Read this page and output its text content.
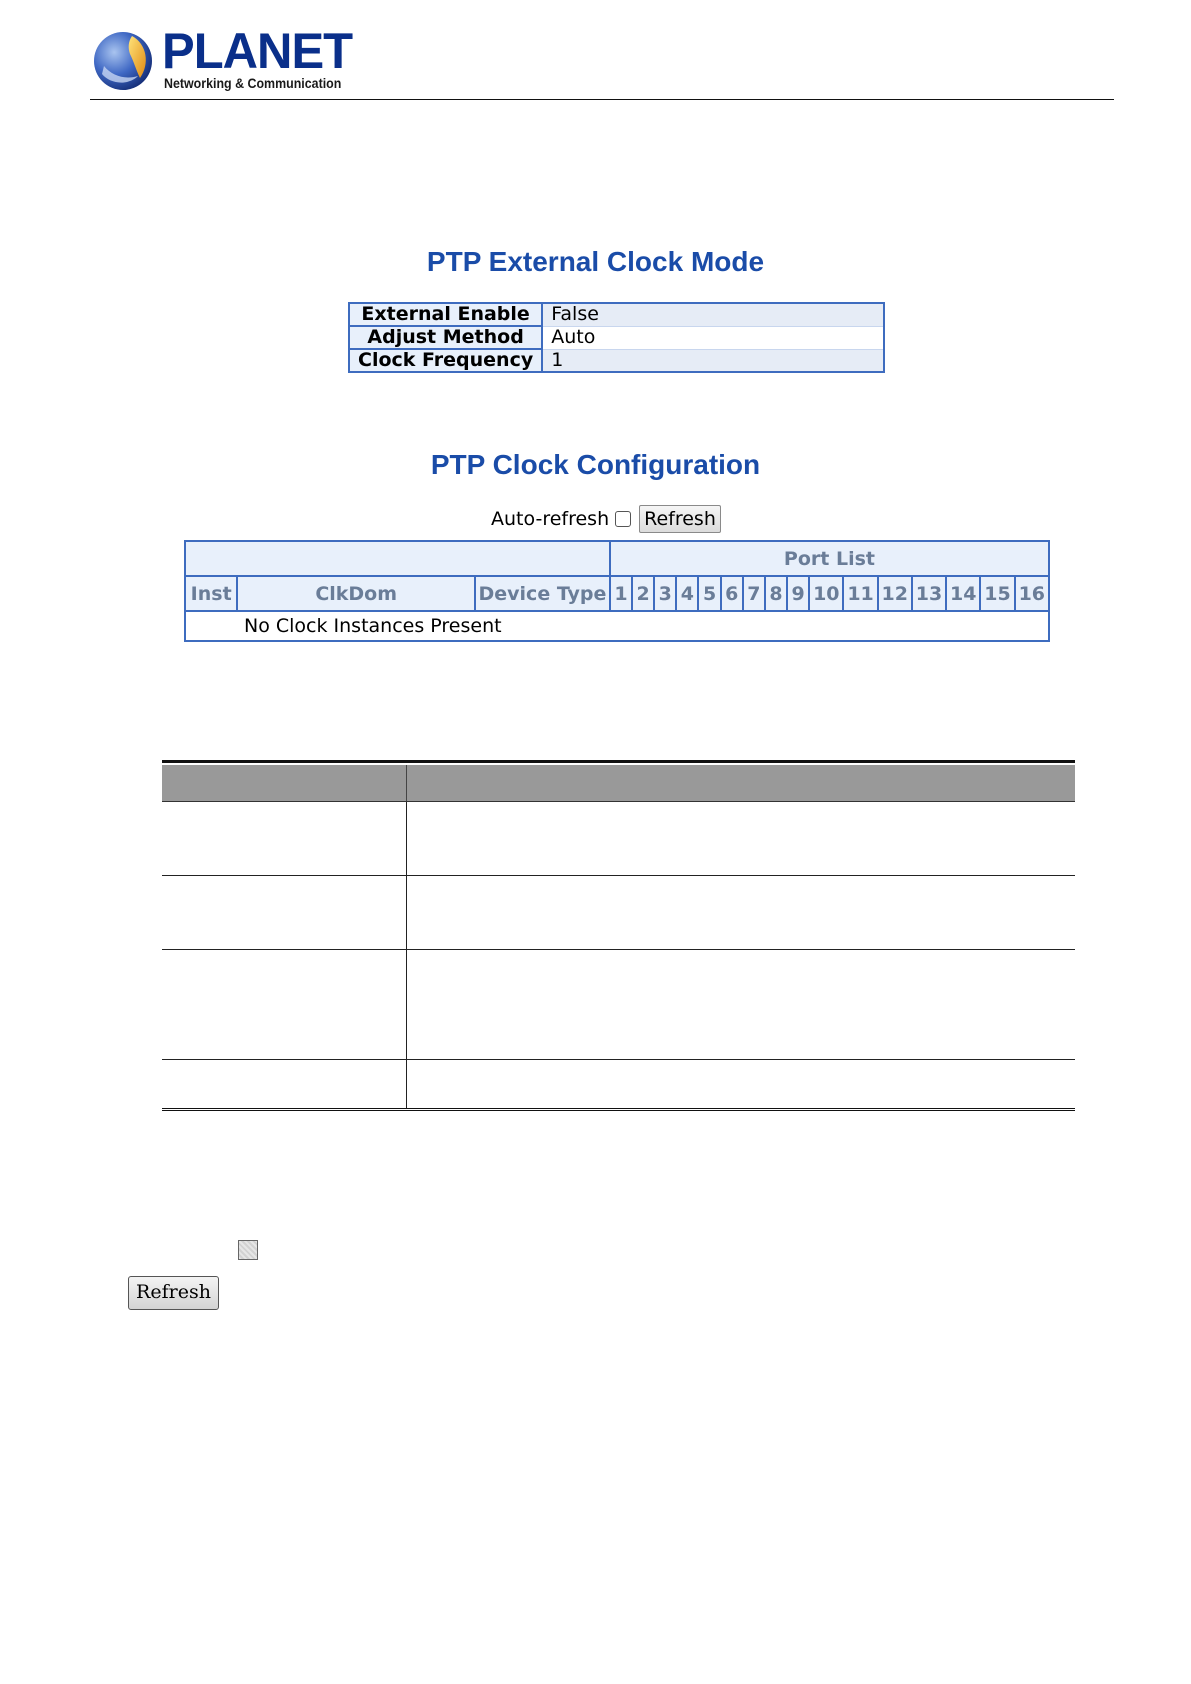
PLANET
Networking & Communication
PTP External Clock Mode
External Enable	False
Adjust Method	Auto
Clock Frequency	1
PTP Clock Configuration
Auto-refresh Refresh
			Port List															
Inst	ClkDom	Device Type	1	2	3	4	5	6	7	8	9	10	11	12	13	14	15	16
No Clock Instances Present																		
Refresh
